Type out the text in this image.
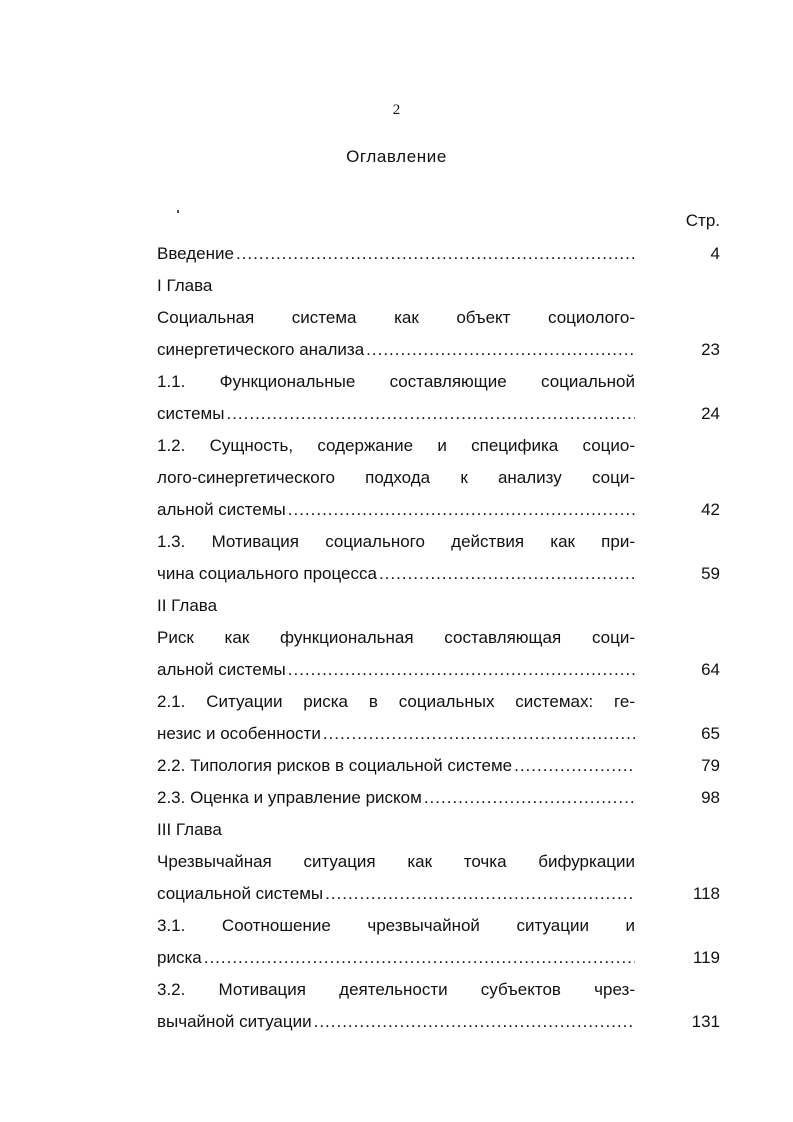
2
Оглавление
Стр.
Введение .....	4
I Глава
Социальная система как объект социолого-
синергетического анализа .....	23
1.1. Функциональные составляющие социальной
системы .....	24
1.2. Сущность, содержание и специфика социо-
лого-синергетического подхода к анализу соци-
альной системы .....	42
1.3. Мотивация социального действия как при-
чина социального процесса .....	59
II Глава
Риск как функциональная составляющая соци-
альной системы .....	64
2.1. Ситуации риска в социальных системах: ге-
незис и особенности .....	65
2.2. Типология рисков в социальной системе .....	79
2.3. Оценка и управление риском .....	98
III Глава
Чрезвычайная ситуация как точка бифуркации
социальной системы .....	118
3.1. Соотношение чрезвычайной ситуации и
риска .....	119
3.2. Мотивация деятельности субъектов чрез-
вычайной ситуации .....	131
